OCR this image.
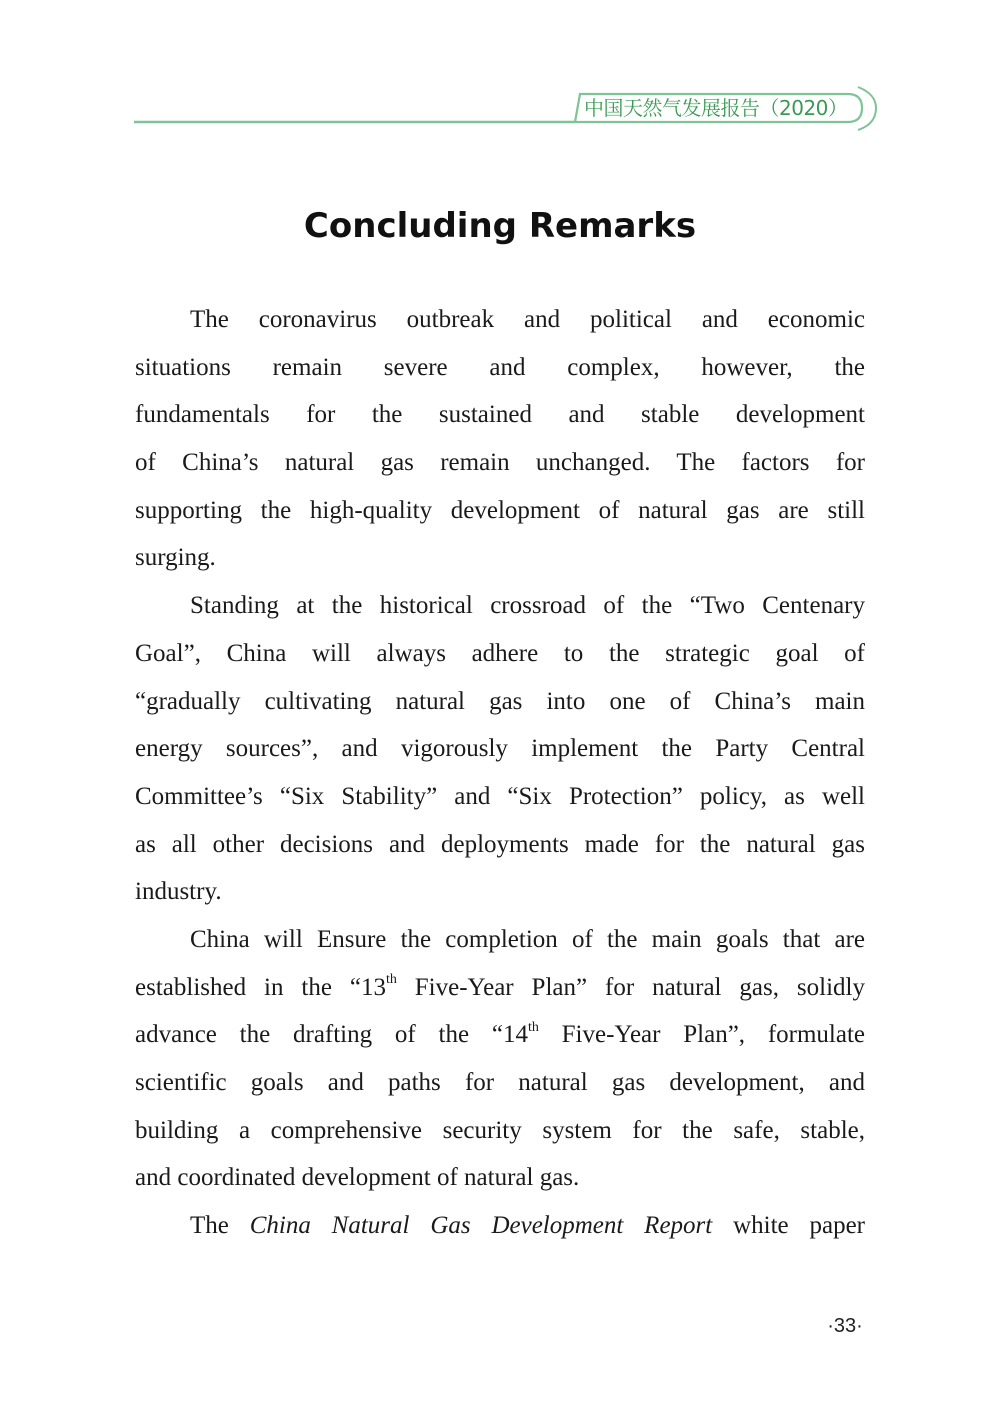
中国天然气发展报告（2020）
Concluding Remarks
The coronavirus outbreak and political and economic
situations remain severe and complex, however, the
fundamentals for the sustained and stable development
of China’s natural gas remain unchanged. The factors for
supporting the high-quality development of natural gas are still
surging.
Standing at the historical crossroad of the “Two Centenary
Goal”, China will always adhere to the strategic goal of
“gradually cultivating natural gas into one of China’s main
energy sources”, and vigorously implement the Party Central
Committee’s “Six Stability” and “Six Protection” policy, as well
as all other decisions and deployments made for the natural gas
industry.
China will Ensure the completion of the main goals that are
established in the “13th Five-Year Plan” for natural gas, solidly
advance the drafting of the “14th Five-Year Plan”, formulate
scientific goals and paths for natural gas development, and
building a comprehensive security system for the safe, stable,
and coordinated development of natural gas.
The China Natural Gas Development Report white paper
·33·
